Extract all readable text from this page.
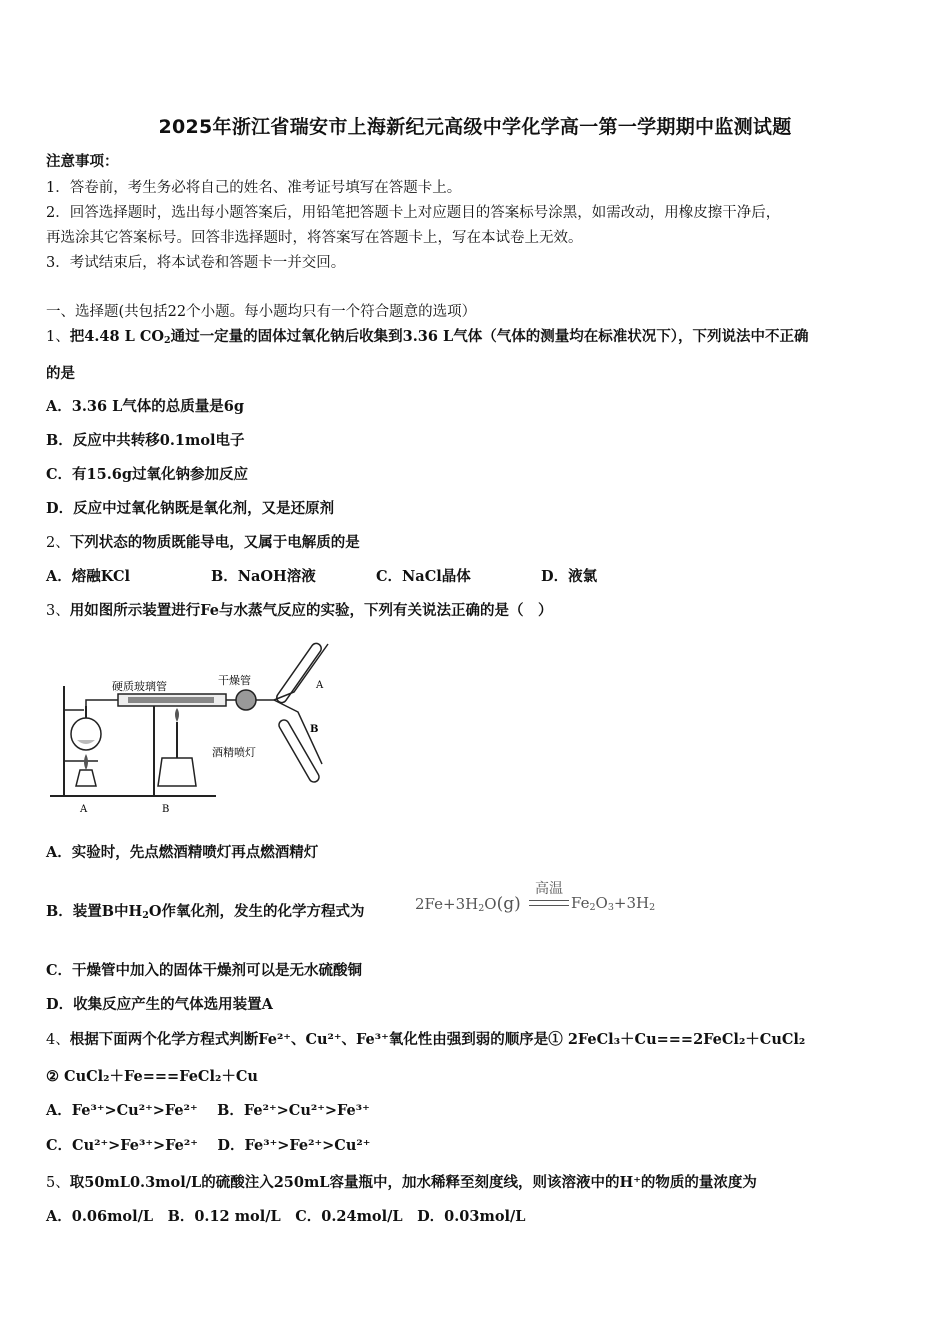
2025年浙江省瑞安市上海新纪元高级中学化学高一第一学期期中监测试题
注意事项：
1．答卷前，考生务必将自己的姓名、准考证号填写在答题卡上。
2．回答选择题时，选出每小题答案后，用铅笔把答题卡上对应题目的答案标号涂黑，如需改动，用橡皮擦干净后，
再选涂其它答案标号。回答非选择题时，将答案写在答题卡上，写在本试卷上无效。
3．考试结束后，将本试卷和答题卡一并交回。
一、选择题(共包括22个小题。每小题均只有一个符合题意的选项）
1、把4.48 L $CO_2$通过一定量的固体过氧化钠后收集到3.36 L气体（气体的测量均在标准状况下），下列说法中不正确
的是
A．3.36 L气体的总质量是6g
B．反应中共转移0.1mol电子
C．有15.6g过氧化钠参加反应
D．反应中过氧化钠既是氧化剂，又是还原剂
2、下列状态的物质既能导电，又属于电解质的是
A．熔融KCl	B．NaOH溶液	C．NaCl晶体	D．液氯
3、用如图所示装置进行Fe与水蒸气反应的实验，下列有关说法正确的是（　）
硬质玻璃管	干燥管
酒精喷灯
A	B
A
B
A．实验时，先点燃酒精喷灯再点燃酒精灯
B．装置B中$H_2O$作氧化剂，发生的化学方程式为	$2Fe+3H_2O(g)$
高温
$Fe_2O_3+3H_2$
C．干燥管中加入的固体干燥剂可以是无水硫酸铜
D．收集反应产生的气体选用装置A
4、根据下面两个化学方程式判断Fe²⁺、Cu²⁺、Fe³⁺氧化性由强到弱的顺序是① 2FeCl₃＋Cu===2FeCl₂＋CuCl₂
② CuCl₂＋Fe===FeCl₂＋Cu
A．Fe³⁺>Cu²⁺>Fe²⁺　 B．Fe²⁺>Cu²⁺>Fe³⁺
C．Cu²⁺>Fe³⁺>Fe²⁺　 D．Fe³⁺>Fe²⁺>Cu²⁺
5、取50mL0.3mol/L的硫酸注入250mL容量瓶中，加水稀释至刻度线，则该溶液中的H⁺的物质的量浓度为
A．0.06mol/L　B．0.12 mol/L　C．0.24mol/L　D．0.03mol/L
